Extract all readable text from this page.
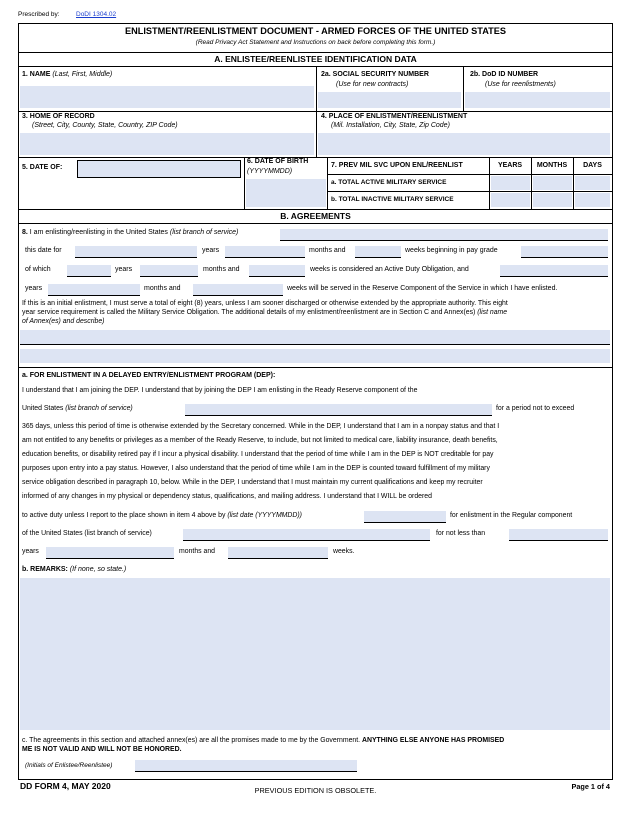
Prescribed by:	DoDI 1304.02
ENLISTMENT/REENLISTMENT DOCUMENT - ARMED FORCES OF THE UNITED STATES
(Read Privacy Act Statement and Instructions on back before completing this form.)
A. ENLISTEE/REENLISTEE IDENTIFICATION DATA
1. NAME (Last, First, Middle)	2a. SOCIAL SECURITY NUMBER
(Use for new contracts)
2b. DoD ID NUMBER
(Use for reenlistments)
3. HOME OF RECORD
(Street, City, County, State, Country, ZIP Code)
4. PLACE OF ENLISTMENT/REENLISTMENT
(Mil. Installation, City, State, Zip Code)
5. DATE OF:
6. DATE OF BIRTH
(YYYYMMDD)
7. PREV MIL SVC UPON ENL/REENLIST	YEARS	MONTHS	DAYS
a. TOTAL ACTIVE MILITARY SERVICE
b. TOTAL INACTIVE MILITARY SERVICE
B. AGREEMENTS
8. I am enlisting/reenlisting in the United States (list branch of service)
this date for	years	months and	weeks beginning in pay grade
of which	years	months and	weeks is considered an Active Duty Obligation, and
years	months and	weeks will be served in the Reserve Component of the Service in which I have enlisted.
If this is an initial enlistment, I must serve a total of eight (8) years, unless I am sooner discharged or otherwise extended by the appropriate authority. This eight
year service requirement is called the Military Service Obligation. The additional details of my enlistment/reenlistment are in Section C and Annex(es) (list name
of Annex(es) and describe)
a. FOR ENLISTMENT IN A DELAYED ENTRY/ENLISTMENT PROGRAM (DEP):
I understand that I am joining the DEP. I understand that by joining the DEP I am enlisting in the Ready Reserve component of the
United States (list branch of service)	for a period not to exceed
365 days, unless this period of time is otherwise extended by the Secretary concerned. While in the DEP, I understand that I am in a nonpay status and that I
am not entitled to any benefits or privileges as a member of the Ready Reserve, to include, but not limited to medical care, liability insurance, death benefits,
education benefits, or disability retired pay if I incur a physical disability. I understand that the period of time while I am in the DEP is NOT creditable for pay
purposes upon entry into a pay status. However, I also understand that the period of time while I am in the DEP is counted toward fulfillment of my military
service obligation described in paragraph 10, below. While in the DEP, I understand that I must maintain my current qualifications and keep my recruiter
informed of any changes in my physical or dependency status, qualifications, and mailing address. I understand that I WILL be ordered
to active duty unless I report to the place shown in item 4 above by (list date (YYYYMMDD))	for enlistment in the Regular component
of the United States (list branch of service)	for not less than
years	months and	weeks.
b. REMARKS: (If none, so state.)
c. The agreements in this section and attached annex(es) are all the promises made to me by the Government. ANYTHING ELSE ANYONE HAS PROMISED
ME IS NOT VALID AND WILL NOT BE HONORED.
(Initials of Enlistee/Reenlistee)
DD FORM 4, MAY 2020	PREVIOUS EDITION IS OBSOLETE.	Page 1 of 4
